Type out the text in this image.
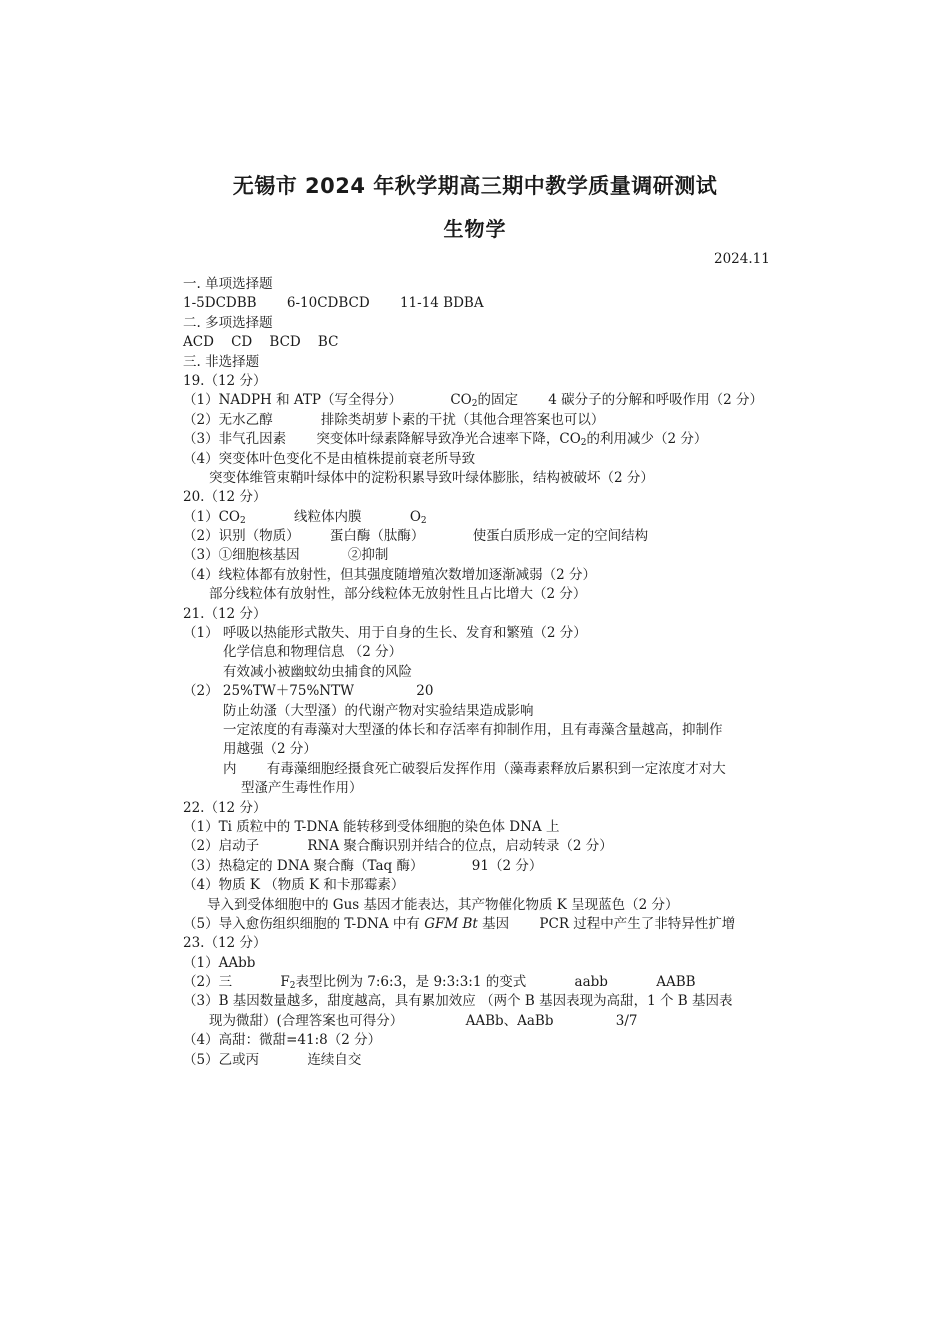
无锡市 2024 年秋学期高三期中教学质量调研测试
生物学
2024.11
一. 单项选择题
1-5DCDBB 6-10CDBCD 11-14 BDBA
二. 多项选择题
ACD CD BCD BC
三. 非选择题
19.（12 分）
（1）NADPH 和 ATP（写全得分）	$CO_2$的固定 4 碳分子的分解和呼吸作用（2 分）
（2）无水乙醇	排除类胡萝卜素的干扰（其他合理答案也可以）
（3）非气孔因素 突变体叶绿素降解导致净光合速率下降，$CO_2$的利用减少（2 分）
（4）突变体叶色变化不是由植株提前衰老所导致
突变体维管束鞘叶绿体中的淀粉积累导致叶绿体膨胀，结构被破坏（2 分）
20.（12 分）
$(1)CO_2$	线粒体内膜	$O_2$
（2）识别（物质） 蛋白酶（肽酶）	使蛋白质形成一定的空间结构
（3）①细胞核基因	②抑制
（4）线粒体都有放射性，但其强度随增殖次数增加逐渐减弱（2 分）
部分线粒体有放射性，部分线粒体无放射性且占比增大（2 分）
21.（12 分）
（1） 呼吸以热能形式散失、用于自身的生长、发育和繁殖（2 分）
化学信息和物理信息 （2 分）
有效减小被幽蚊幼虫捕食的风险
（2） 25%TW＋75%NTW	20
防止幼溞（大型溞）的代谢产物对实验结果造成影响
一定浓度的有毒藻对大型溞的体长和存活率有抑制作用，且有毒藻含量越高，抑制作
用越强（2 分）
内 有毒藻细胞经摄食死亡破裂后发挥作用（藻毒素释放后累积到一定浓度才对大
型溞产生毒性作用）
22.（12 分）
（1）Ti 质粒中的 T-DNA 能转移到受体细胞的染色体 DNA 上
（2）启动子	RNA 聚合酶识别并结合的位点，启动转录（2 分）
（3）热稳定的 DNA 聚合酶（Taq 酶）	91（2 分）
（4）物质 K （物质 K 和卡那霉素）
导入到受体细胞中的 Gus 基因才能表达，其产物催化物质 K 呈现蓝色（2 分）
（5）导入愈伤组织细胞的 T-DNA 中有 GFM Bt 基因 PCR 过程中产生了非特异性扩增
23.（12 分）
（1）AAbb
（2）三	$F_2$表型比例为 7:6:3，是 9:3:3:1 的变式	aabb	AABB
（3）B 基因数量越多，甜度越高，具有累加效应 （两个 B 基因表现为高甜，1 个 B 基因表
现为微甜）(合理答案也可得分）	AABb、AaBb	3/7
（4）高甜：微甜=41:8（2 分）
（5）乙或丙	连续自交
